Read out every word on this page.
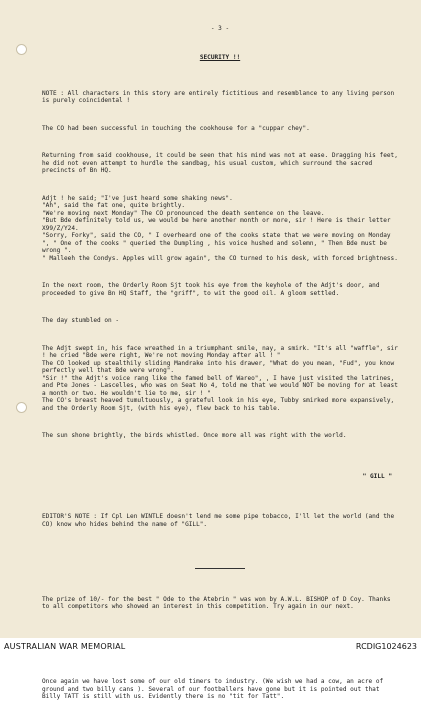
- 3 -

SECURITY !!

NOTE : All characters in this story are entirely fictitious and resemblance to any living person is purely coincidental !

The CO had been successful in touching the cookhouse for a "cuppar chey".

Returning from said cookhouse, it could be seen that his mind was not at ease. Dragging his feet, he did not even attempt to hurdle the sandbag, his usual custom, which surround the sacred precincts of Bn HQ.

Adjt ! he said; "I've just heard some shaking news".
"Ah", said the fat one, quite brightly.
"We're moving next Monday" The CO pronounced the death sentence on the leave.
"But Bde definitely told us, we would be here another month or more, sir ! Here is their letter X99/Z/Y24.
"Sorry, Forky", said the CO, " I overheard one of the cooks state that we were moving on Monday ", " One of the cooks " queried the Dumpling , his voice hushed and solemn, " Then Bde must be wrong ".
" Malleeh the Condys. Apples will grow again", the CO turned to his desk, with forced brightness.

In the next room, the Orderly Room Sjt took his eye from the keyhole of the Adjt's door, and proceeded to give Bn HQ Staff, the "griff", to wit the good oil. A gloom settled.

The day stumbled on -

The Adjt swept in, his face wreathed in a triumphant smile, nay, a smirk. "It's all "waffle", sir ! he cried "Bde were right, We're not moving Monday after all ! "
The CO looked up stealthily sliding Mandrake into his drawer, "What do you mean, "Fud", you know perfectly well that Bde were wrong".
"Sir !" the Adjt's voice rang like the famed bell of Wareo", , I have just visited the latrines, and Pte Jones - Lascelles, who was on Seat No 4, told me that we would NOT be moving for at least a month or two. He wouldn't lie to me, sir ! "
The CO's breast heaved tumultuously, a grateful look in his eye, Tubby smirked more expansively, and the Orderly Room Sjt, (with his eye), flew back to his table.

The sun shone brightly, the birds whistled. Once more all was right with the world.

" GILL "

EDITOR'S NOTE : If Cpl Len WINTLE doesn't lend me some pipe tobacco, I'll let the world (and the CO) know who hides behind the name of "GILL".

The prize of 10/- for the best " Ode to the Atebrin " was won by A.W.L. BISHOP of D Coy. Thanks to all competitors who showed an interest in this competition. Try again in our next.

Once again we have lost some of our old timers to industry. (We wish we had a cow, an acre of ground and two billy cans ). Several of our footballers have gone but it is pointed out that Billy TATT is still with us. Evidently there is no "tit for Tatt".

AUSTRALIAN WAR MEMORIAL	RCDIG1024623
